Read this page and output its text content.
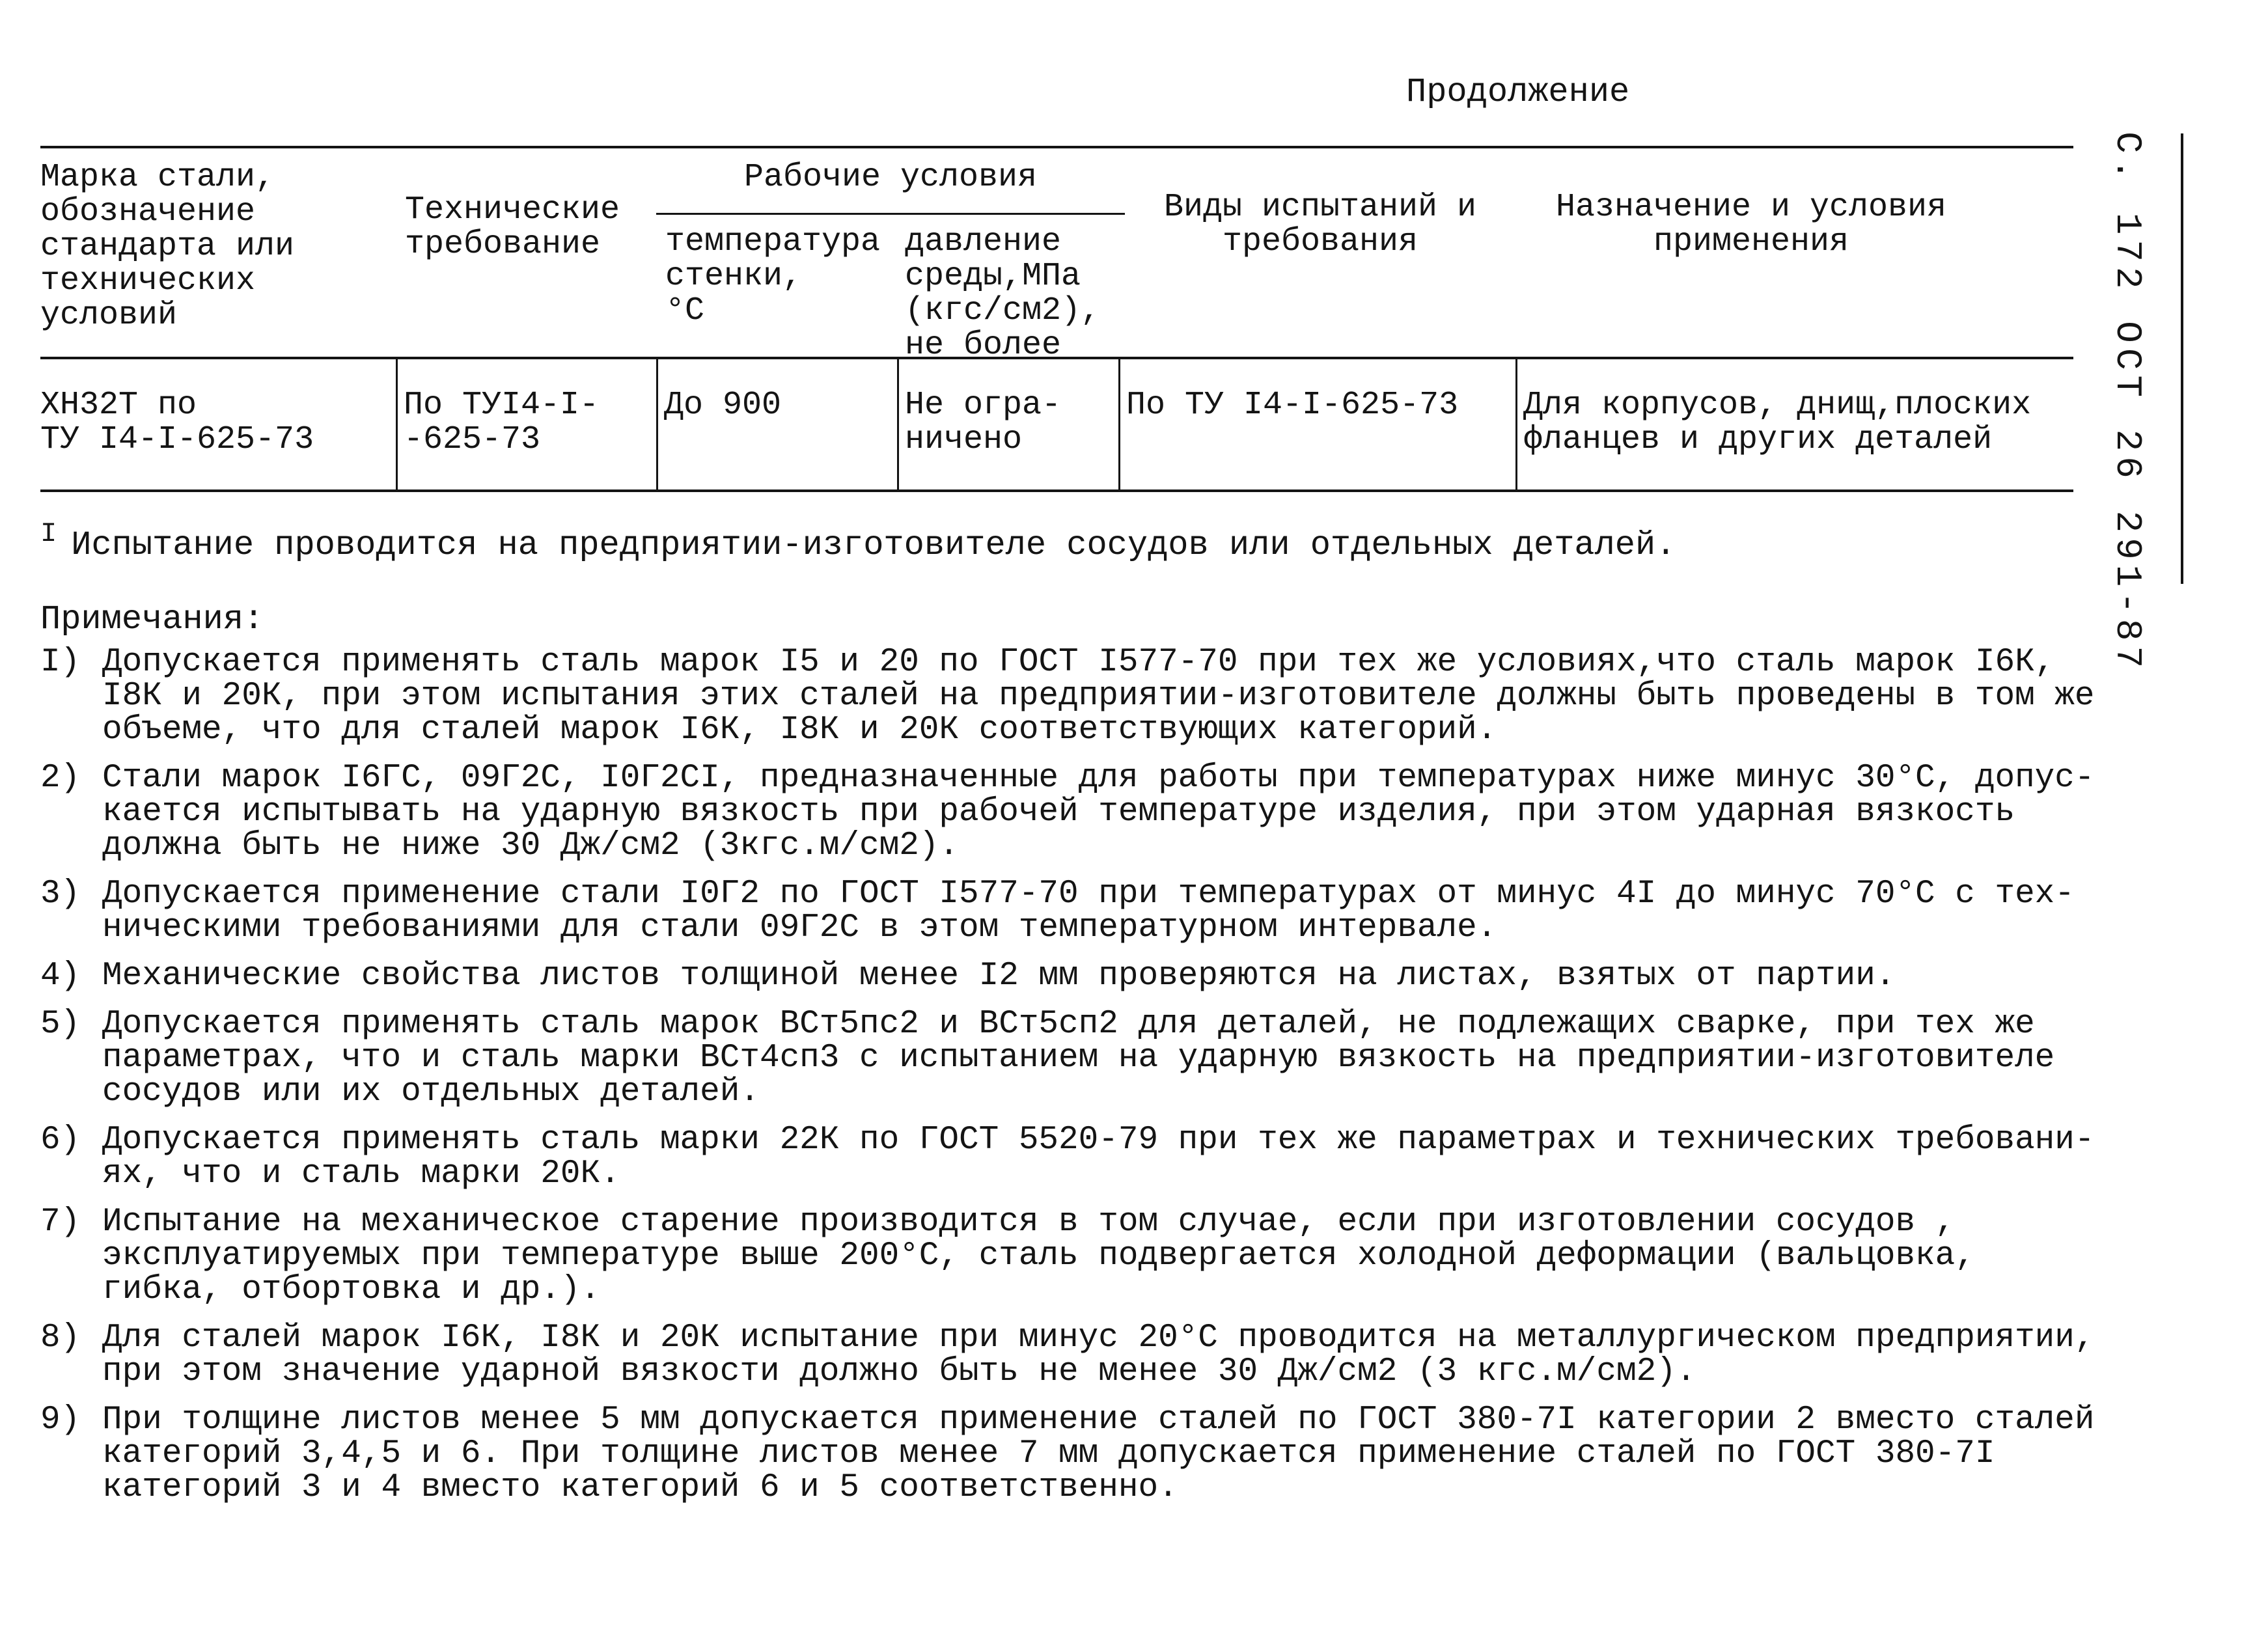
Продолжение
С. 172 ОСТ 26 291-87
Марка стали,
обозначение
стандарта или
технических
условий
Технические
требование
Рабочие условия
температура
стенки,
°С
давление
среды,МПа
(кгс/см2),
не более
Виды испытаний и
требования
Назначение и условия
применения
ХН32Т по
ТУ I4-I-625-73
По ТУI4-I-
-625-73
До 900	Не огра-
ничено
По ТУ I4-I-625-73	Для корпусов, днищ,плоских
фланцев и других деталей
$^I$ Испытание проводится на предприятии-изготовителе сосудов или отдельных деталей.
Примечания:
I) Допускается применять сталь марок I5 и 20 по ГОСТ I577-70 при тех же условиях,что сталь марок I6К,
I8К и 20К, при этом испытания этих сталей на предприятии-изготовителе должны быть проведены в том же
объеме, что для сталей марок I6К, I8К и 20К соответствующих категорий.
2) Стали марок I6ГС, 09Г2С, I0Г2СI, предназначенные для работы при температурах ниже минус 30°С, допус-
кается испытывать на ударную вязкость при рабочей температуре изделия, при этом ударная вязкость
должна быть не ниже 30 Дж/см2 (3кгс.м/см2).
3) Допускается применение стали I0Г2 по ГОСТ I577-70 при температурах от минус 4I до минус 70°С с тех-
ническими требованиями для стали 09Г2С в этом температурном интервале.
4) Механические свойства листов толщиной менее I2 мм проверяются на листах, взятых от партии.
5) Допускается применять сталь марок ВСт5пс2 и ВСт5сп2 для деталей, не подлежащих сварке, при тех же
параметрах, что и сталь марки ВСт4сп3 с испытанием на ударную вязкость на предприятии-изготовителе
сосудов или их отдельных деталей.
6) Допускается применять сталь марки 22К по ГОСТ 5520-79 при тех же параметрах и технических требовани-
ях, что и сталь марки 20К.
7) Испытание на механическое старение производится в том случае, если при изготовлении сосудов ,
эксплуатируемых при температуре выше 200°С, сталь подвергается холодной деформации (вальцовка,
гибка, отбортовка и др.).
8) Для сталей марок I6К, I8К и 20К испытание при минус 20°С проводится на металлургическом предприятии,
при этом значение ударной вязкости должно быть не менее 30 Дж/см2 (3 кгс.м/см2).
9) При толщине листов менее 5 мм допускается применение сталей по ГОСТ 380-7I категории 2 вместо сталей
категорий 3,4,5 и 6. При толщине листов менее 7 мм допускается применение сталей по ГОСТ 380-7I
категорий 3 и 4 вместо категорий 6 и 5 соответственно.
